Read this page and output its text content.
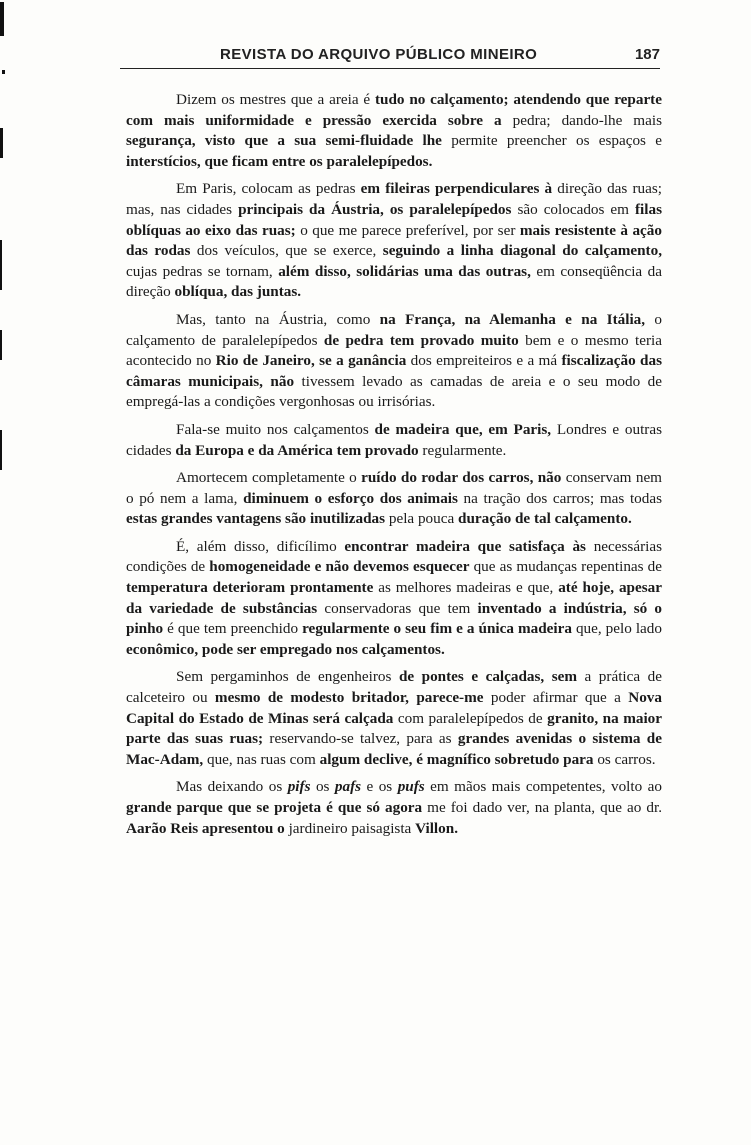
REVISTA DO ARQUIVO PÚBLICO MINEIRO	187

Dizem os mestres que a areia é tudo no calçamento; atendendo que reparte com mais uniformidade e pressão exercida sobre a pedra; dando-lhe mais segurança, visto que a sua semi-fluidade lhe permite preencher os espaços e interstícios, que ficam entre os paralelepípedos.

Em Paris, colocam as pedras em fileiras perpendiculares à direção das ruas; mas, nas cidades principais da Áustria, os paralelepípedos são colocados em filas oblíquas ao eixo das ruas; o que me parece preferível, por ser mais resistente à ação das rodas dos veículos, que se exerce, seguindo a linha diagonal do calçamento, cujas pedras se tornam, além disso, solidárias uma das outras, em conseqüência da direção oblíqua, das juntas.

Mas, tanto na Áustria, como na França, na Alemanha e na Itália, o calçamento de paralelepípedos de pedra tem provado muito bem e o mesmo teria acontecido no Rio de Janeiro, se a ganância dos empreiteiros e a má fiscalização das câmaras municipais, não tivessem levado as camadas de areia e o seu modo de empregá-las a condições vergonhosas ou irrisórias.

Fala-se muito nos calçamentos de madeira que, em Paris, Londres e outras cidades da Europa e da América tem provado regularmente.

Amortecem completamente o ruído do rodar dos carros, não conservam nem o pó nem a lama, diminuem o esforço dos animais na tração dos carros; mas todas estas grandes vantagens são inutilizadas pela pouca duração de tal calçamento.

É, além disso, dificílimo encontrar madeira que satisfaça às necessárias condições de homogeneidade e não devemos esquecer que as mudanças repentinas de temperatura deterioram prontamente as melhores madeiras e que, até hoje, apesar da variedade de substâncias conservadoras que tem inventado a indústria, só o pinho é que tem preenchido regularmente o seu fim e a única madeira que, pelo lado econômico, pode ser empregado nos calçamentos.

Sem pergaminhos de engenheiros de pontes e calçadas, sem a prática de calceteiro ou mesmo de modesto britador, parece-me poder afirmar que a Nova Capital do Estado de Minas será calçada com paralelepípedos de granito, na maior parte das suas ruas; reservando-se talvez, para as grandes avenidas o sistema de Mac-Adam, que, nas ruas com algum declive, é magnífico sobretudo para os carros.

Mas deixando os pifs os pafs e os pufs em mãos mais competentes, volto ao grande parque que se projeta é que só agora me foi dado ver, na planta, que ao dr. Aarão Reis apresentou o jardineiro paisagista Villon.
